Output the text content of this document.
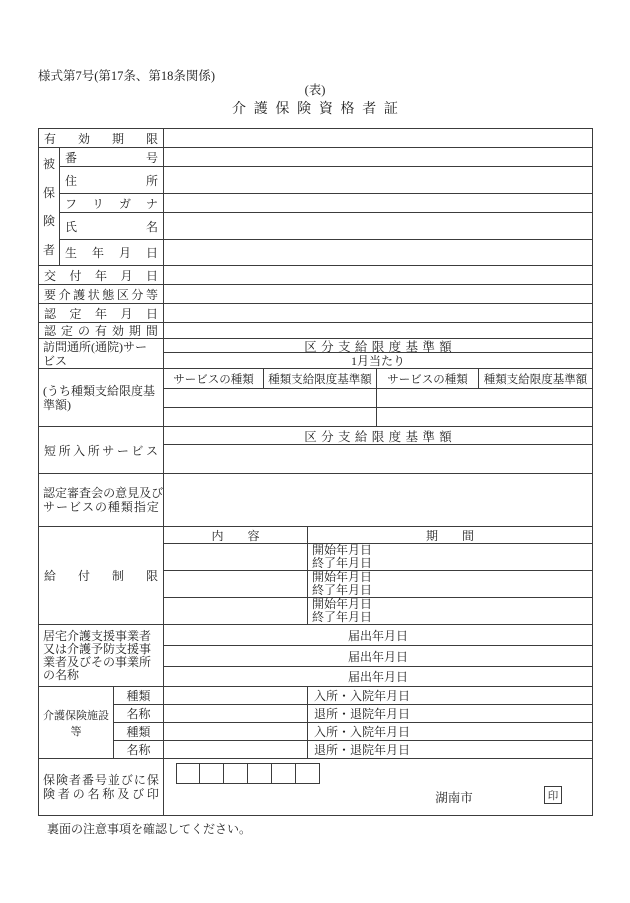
様式第7号(第17条、第18条関係)
(表)
介護保険資格者証
有 効 期 限
被
保
険
者
番	号
住	所
フ リ ガ ナ
氏	名
生 年 月 日
交 付 年 月 日
要 介 護 状 態 区 分 等
認 定 年 月 日
認 定 の 有 効 期 間
訪問通所(通院)サー
ビス
区分支給限度基準額
1月当たり
(うち種類支給限度基
準額)
サービスの種類	種類支給限度基準額	サービスの種類	種類支給限度基準額
短 所 入 所 サ ー ビ ス
区分支給限度基準額
認 定 審 査 会 の 意 見 及 び
サ ー ビ ス の 種 類 指 定
給 付 制 限
内　　容	期　　間
開始年月日
終了年月日
開始年月日
終了年月日
開始年月日
終了年月日
居宅介護支援事業者
又は介護予防支援事
業者及びその事業所
の名称
届出年月日
届出年月日
届出年月日
介護保険施設等
種類	入所・入院年月日
名称	退所・退院年月日
種類	入所・入院年月日
名称	退所・退院年月日
保 険 者 番 号 並 び に 保
険 者 の 名 称 及 び 印	湖南市	印
裏面の注意事項を確認してください。
